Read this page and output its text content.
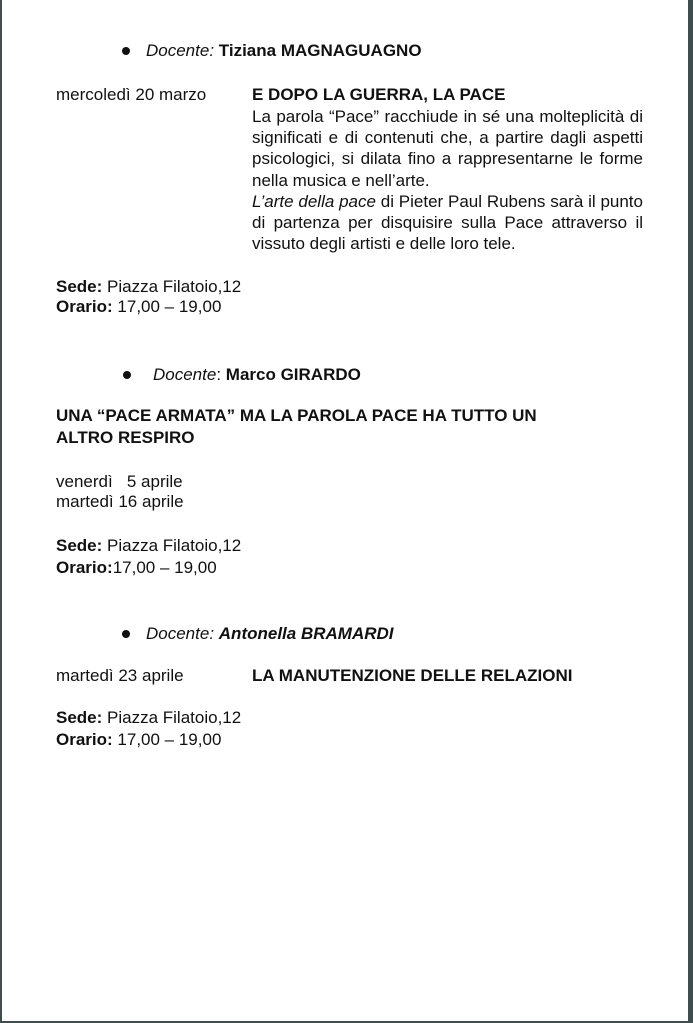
Docente: Tiziana MAGNAGUAGNO
mercoledì 20 marzo	E DOPO LA GUERRA, LA PACE
La parola “Pace” racchiude in sé una molteplicità di significati e di contenuti che, a partire dagli aspetti psicologici, si dilata fino a rappresentarne le forme nella musica e nell’arte.
L’arte della pace di Pieter Paul Rubens sarà il punto di partenza per disquisire sulla Pace attraverso il vissuto degli artisti e delle loro tele.
Sede: Piazza Filatoio,12
Orario: 17,00 – 19,00
Docente: Marco GIRARDO
UNA “PACE ARMATA” MA LA PAROLA PACE HA TUTTO UN
ALTRO RESPIRO
venerdì   5 aprile
martedì 16 aprile
Sede: Piazza Filatoio,12
Orario:17,00 – 19,00
Docente: Antonella BRAMARDI
martedì 23 aprile	LA MANUTENZIONE DELLE RELAZIONI
Sede: Piazza Filatoio,12
Orario: 17,00 – 19,00
